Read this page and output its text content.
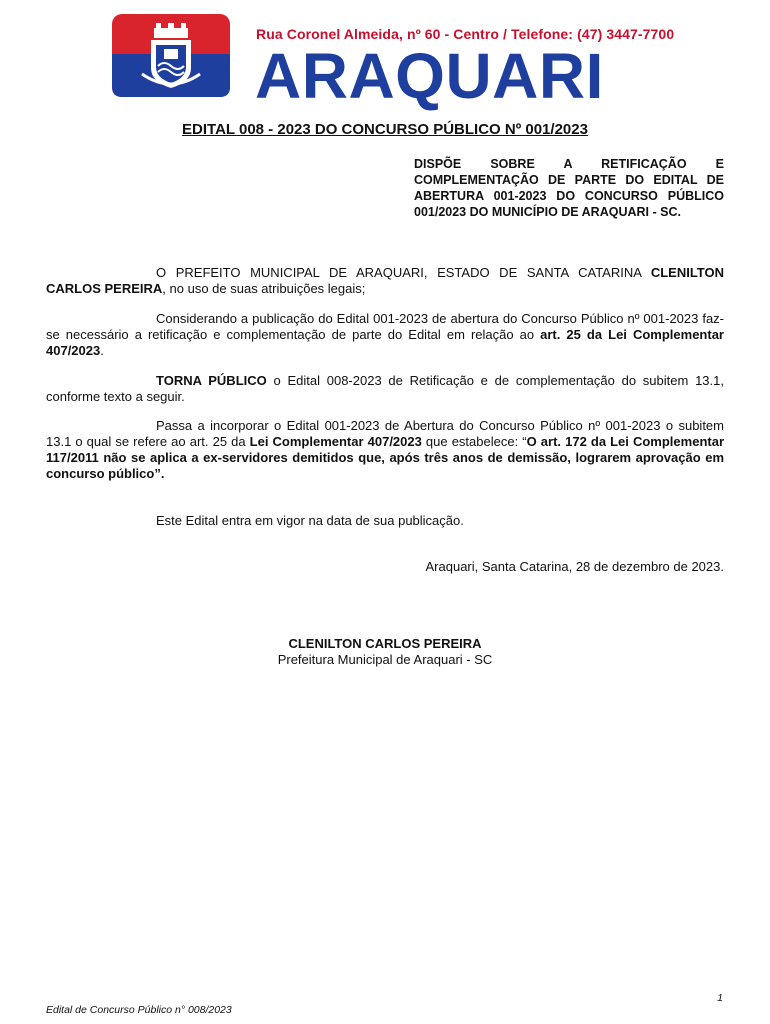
Rua Coronel Almeida, nº 60 - Centro / Telefone: (47) 3447-7700
ARAQUARI
EDITAL 008 - 2023 DO CONCURSO PÚBLICO Nº 001/2023
DISPÕE SOBRE A RETIFICAÇÃO E COMPLEMENTAÇÃO DE PARTE DO EDITAL DE ABERTURA 001-2023 DO CONCURSO PÚBLICO 001/2023 DO MUNICÍPIO DE ARAQUARI - SC.
O PREFEITO MUNICIPAL DE ARAQUARI, ESTADO DE SANTA CATARINA CLENILTON CARLOS PEREIRA, no uso de suas atribuições legais;
Considerando a publicação do Edital 001-2023 de abertura do Concurso Público nº 001-2023 faz-se necessário a retificação e complementação de parte do Edital em relação ao art. 25 da Lei Complementar 407/2023.
TORNA PÚBLICO o Edital 008-2023 de Retificação e de complementação do subitem 13.1, conforme texto a seguir.
Passa a incorporar o Edital 001-2023 de Abertura do Concurso Público nº 001-2023 o subitem 13.1 o qual se refere ao art. 25 da Lei Complementar 407/2023 que estabelece: “O art. 172 da Lei Complementar 117/2011 não se aplica a ex-servidores demitidos que, após três anos de demissão, lograrem aprovação em concurso público”.
Este Edital entra em vigor na data de sua publicação.
Araquari, Santa Catarina, 28 de dezembro de 2023.
CLENILTON CARLOS PEREIRA
Prefeitura Municipal de Araquari - SC
1
Edital de Concurso Público n° 008/2023
